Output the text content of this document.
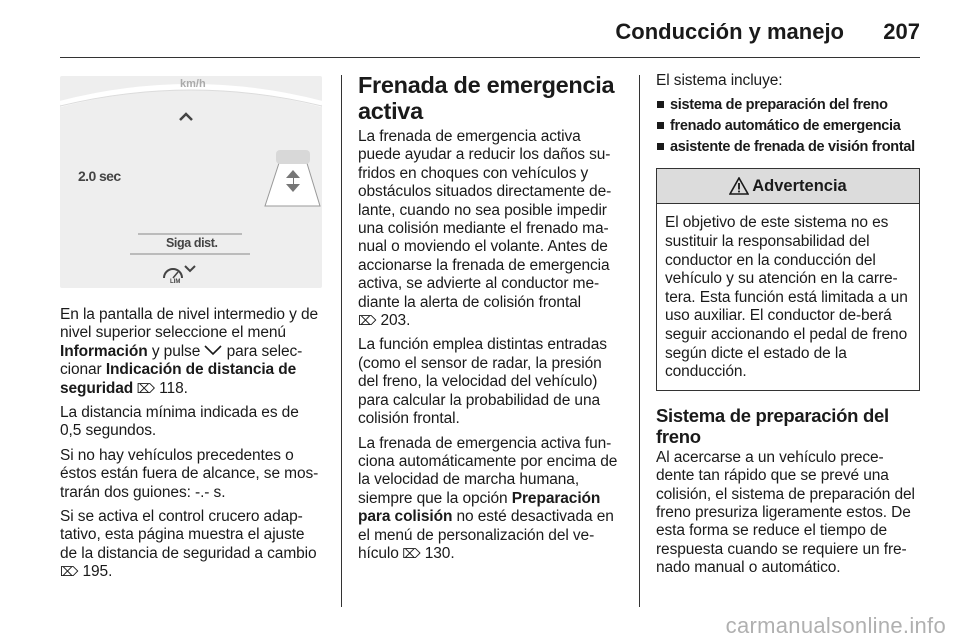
Conducción y manejo 207
km/h
2.0 sec
Siga dist.
LIM

En la pantalla de nivel intermedio y de nivel superior seleccione el menú Información y pulse  para selec-cionar Indicación de distancia de seguridad ⌦ 118.

La distancia mínima indicada es de 0,5 segundos.

Si no hay vehículos precedentes o éstos están fuera de alcance, se mos-trarán dos guiones: -.- s.

Si se activa el control crucero adap-tativo, esta página muestra el ajuste de la distancia de seguridad a cambio
⌦ 195.

Frenada de emergencia activa

La frenada de emergencia activa puede ayudar a reducir los daños su-fridos en choques con vehículos y obstáculos situados directamente de-lante, cuando no sea posible impedir una colisión mediante el frenado ma-nual o moviendo el volante. Antes de accionarse la frenada de emergencia activa, se advierte al conductor me-diante la alerta de colisión frontal
⌦ 203.

La función emplea distintas entradas (como el sensor de radar, la presión del freno, la velocidad del vehículo) para calcular la probabilidad de una colisión frontal.

La frenada de emergencia activa fun-ciona automáticamente por encima de la velocidad de marcha humana, siempre que la opción Preparación para colisión no esté desactivada en el menú de personalización del ve-hículo ⌦ 130.

El sistema incluye:

sistema de preparación del freno
frenado automático de emergencia
asistente de frenada de visión frontal
Advertencia

El objetivo de este sistema no es sustituir la responsabilidad del conductor en la conducción del vehículo y su atención en la carre-tera. Esta función está limitada a un uso auxiliar. El conductor de-berá seguir accionando el pedal de freno según dicte el estado de la conducción.

Sistema de preparación del freno

Al acercarse a un vehículo prece-dente tan rápido que se prevé una colisión, el sistema de preparación del freno presuriza ligeramente estos. De esta forma se reduce el tiempo de respuesta cuando se requiere un fre-nado manual o automático.

carmanualsonline.info
